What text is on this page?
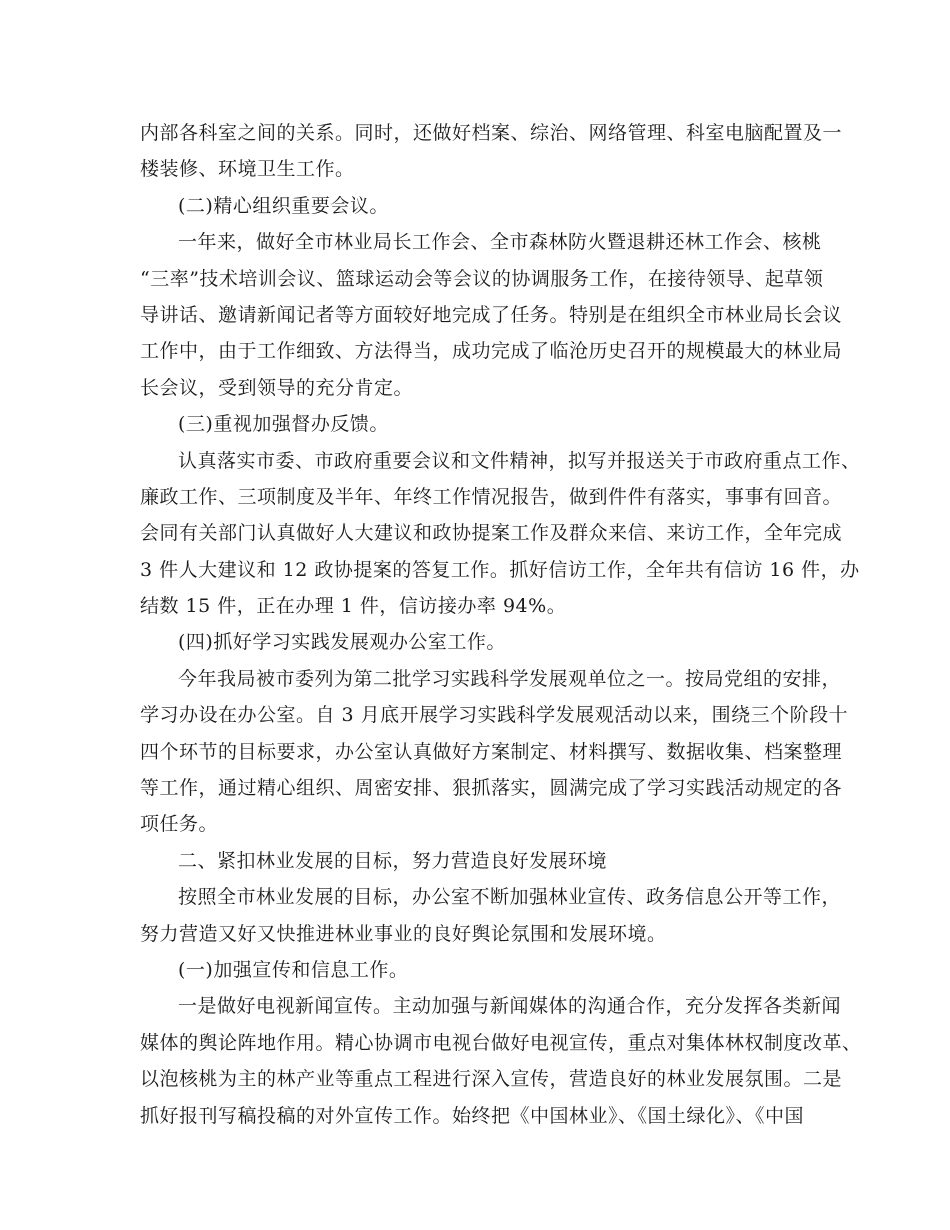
内部各科室之间的关系。同时，还做好档案、综治、网络管理、科室电脑配置及一
楼装修、环境卫生工作。
(二)精心组织重要会议。
一年来，做好全市林业局长工作会、全市森林防火暨退耕还林工作会、核桃
“三率”技术培训会议、篮球运动会等会议的协调服务工作，在接待领导、起草领
导讲话、邀请新闻记者等方面较好地完成了任务。特别是在组织全市林业局长会议
工作中，由于工作细致、方法得当，成功完成了临沧历史召开的规模最大的林业局
长会议，受到领导的充分肯定。
(三)重视加强督办反馈。
认真落实市委、市政府重要会议和文件精神，拟写并报送关于市政府重点工作、
廉政工作、三项制度及半年、年终工作情况报告，做到件件有落实，事事有回音。
会同有关部门认真做好人大建议和政协提案工作及群众来信、来访工作，全年完成
3 件人大建议和 12 政协提案的答复工作。抓好信访工作，全年共有信访 16 件，办
结数 15 件，正在办理 1 件，信访接办率 94%。
(四)抓好学习实践发展观办公室工作。
今年我局被市委列为第二批学习实践科学发展观单位之一。按局党组的安排，
学习办设在办公室。自 3 月底开展学习实践科学发展观活动以来，围绕三个阶段十
四个环节的目标要求，办公室认真做好方案制定、材料撰写、数据收集、档案整理
等工作，通过精心组织、周密安排、狠抓落实，圆满完成了学习实践活动规定的各
项任务。
二、紧扣林业发展的目标，努力营造良好发展环境
按照全市林业发展的目标，办公室不断加强林业宣传、政务信息公开等工作，
努力营造又好又快推进林业事业的良好舆论氛围和发展环境。
(一)加强宣传和信息工作。
一是做好电视新闻宣传。主动加强与新闻媒体的沟通合作，充分发挥各类新闻
媒体的舆论阵地作用。精心协调市电视台做好电视宣传，重点对集体林权制度改革、
以泡核桃为主的林产业等重点工程进行深入宣传，营造良好的林业发展氛围。二是
抓好报刊写稿投稿的对外宣传工作。始终把《中国林业》、《国土绿化》、《中国
